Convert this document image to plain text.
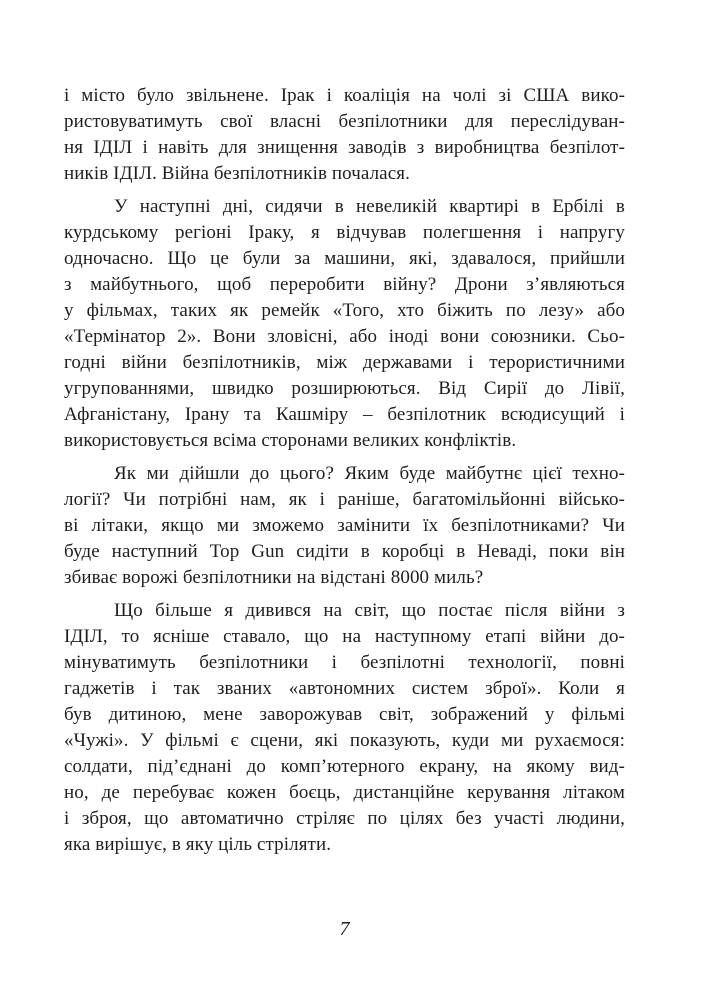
і місто було звільнене. Ірак і коаліція на чолі зі США вико-
ристовуватимуть свої власні безпілотники для переслідуван-
ня ІДІЛ і навіть для знищення заводів з виробництва безпілот-
ників ІДІЛ. Війна безпілотників почалася.
У наступні дні, сидячи в невеликій квартирі в Ербілі в
курдському регіоні Іраку, я відчував полегшення і напругу
одночасно. Що це були за машини, які, здавалося, прийшли
з майбутнього, щоб переробити війну? Дрони з’являються
у фільмах, таких як ремейк «Того, хто біжить по лезу» або
«Термінатор 2». Вони зловісні, або іноді вони союзники. Сьо-
годні війни безпілотників, між державами і терористичними
угрупованнями, швидко розширюються. Від Сирії до Лівії,
Афганістану, Ірану та Кашміру – безпілотник всюдисущий і
використовується всіма сторонами великих конфліктів.
Як ми дійшли до цього? Яким буде майбутнє цієї техно-
логії? Чи потрібні нам, як і раніше, багатомільйонні військо-
ві літаки, якщо ми зможемо замінити їх безпілотниками? Чи
буде наступний Top Gun сидіти в коробці в Неваді, поки він
збиває ворожі безпілотники на відстані 8000 миль?
Що більше я дивився на світ, що постає після війни з
ІДІЛ, то ясніше ставало, що на наступному етапі війни до-
мінуватимуть безпілотники і безпілотні технології, повні
гаджетів і так званих «автономних систем зброї». Коли я
був дитиною, мене заворожував світ, зображений у фільмі
«Чужі». У фільмі є сцени, які показують, куди ми рухаємося:
солдати, під’єднані до комп’ютерного екрану, на якому вид-
но, де перебуває кожен боєць, дистанційне керування літаком
і зброя, що автоматично стріляє по цілях без участі людини,
яка вирішує, в яку ціль стріляти.
7
